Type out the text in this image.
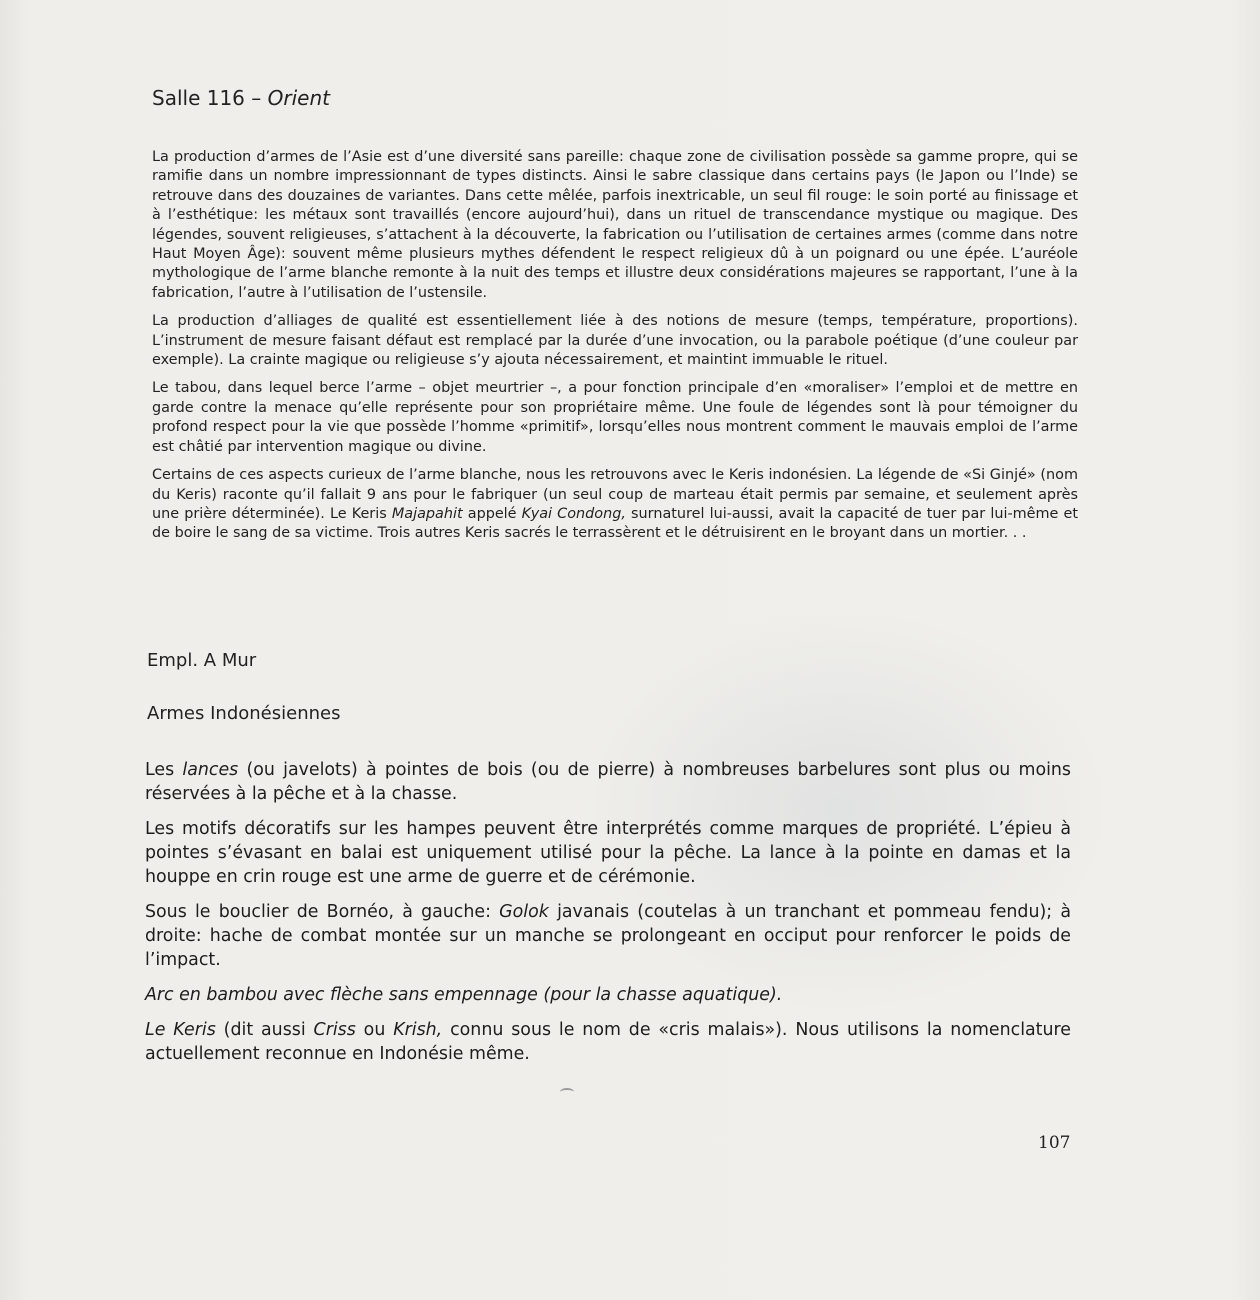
Salle 116 – Orient

La production d’armes de l’Asie est d’une diversité sans pareille: chaque zone de civilisation possède sa gamme propre, qui se ramifie dans un nombre impressionnant de types distincts. Ainsi le sabre classique dans certains pays (le Japon ou l’Inde) se retrouve dans des douzaines de variantes. Dans cette mêlée, parfois inextricable, un seul fil rouge: le soin porté au finissage et à l’esthétique: les métaux sont travaillés (encore aujourd’hui), dans un rituel de transcendance mystique ou magique. Des légendes, souvent religieuses, s’attachent à la découverte, la fabrication ou l’utilisation de certaines armes (comme dans notre Haut Moyen Âge): souvent même plusieurs mythes défendent le respect religieux dû à un poignard ou une épée. L’auréole mythologique de l’arme blanche remonte à la nuit des temps et illustre deux considérations majeures se rapportant, l’une à la fabrication, l’autre à l’utilisation de l’ustensile.

La production d’alliages de qualité est essentiellement liée à des notions de mesure (temps, température, proportions). L’instrument de mesure faisant défaut est remplacé par la durée d’une invocation, ou la parabole poétique (d’une couleur par exemple). La crainte magique ou religieuse s’y ajouta nécessairement, et maintint immuable le rituel.

Le tabou, dans lequel berce l’arme – objet meurtrier –, a pour fonction principale d’en «moraliser» l’emploi et de mettre en garde contre la menace qu’elle représente pour son propriétaire même. Une foule de légendes sont là pour témoigner du profond respect pour la vie que possède l’homme «primitif», lorsqu’elles nous montrent comment le mauvais emploi de l’arme est châtié par intervention magique ou divine.

Certains de ces aspects curieux de l’arme blanche, nous les retrouvons avec le Keris indonésien. La légende de «Si Ginjé» (nom du Keris) raconte qu’il fallait 9 ans pour le fabriquer (un seul coup de marteau était permis par semaine, et seulement après une prière déterminée). Le Keris Majapahit appelé Kyai Condong, surnaturel lui-aussi, avait la capacité de tuer par lui-même et de boire le sang de sa victime. Trois autres Keris sacrés le terrassèrent et le détruisirent en le broyant dans un mortier. . .

Empl. A Mur
Armes Indonésiennes

Les lances (ou javelots) à pointes de bois (ou de pierre) à nombreuses barbelures sont plus ou moins réservées à la pêche et à la chasse.

Les motifs décoratifs sur les hampes peuvent être interprétés comme marques de propriété. L’épieu à pointes s’évasant en balai est uniquement utilisé pour la pêche. La lance à la pointe en damas et la houppe en crin rouge est une arme de guerre et de cérémonie.

Sous le bouclier de Bornéo, à gauche: Golok javanais (coutelas à un tranchant et pommeau fendu); à droite: hache de combat montée sur un manche se prolongeant en occiput pour renforcer le poids de l’impact.

Arc en bambou avec flèche sans empennage (pour la chasse aquatique).

Le Keris (dit aussi Criss ou Krish, connu sous le nom de «cris malais»). Nous utilisons la nomenclature actuellement reconnue en Indonésie même.

107
